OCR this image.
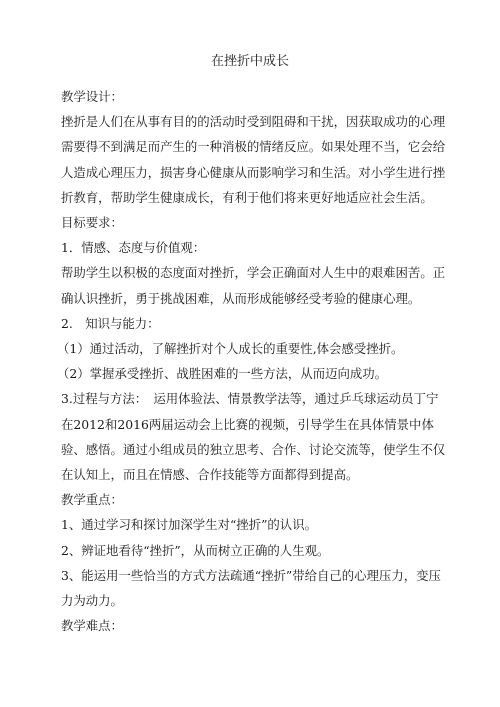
在挫折中成长

教学设计：

挫折是人们在从事有目的的活动时受到阻碍和干扰，因获取成功的心理需要得不到满足而产生的一种消极的情绪反应。如果处理不当，它会给人造成心理压力，损害身心健康从而影响学习和生活。对小学生进行挫折教育，帮助学生健康成长，有利于他们将来更好地适应社会生活。

目标要求：

1．情感、态度与价值观：

帮助学生以积极的态度面对挫折，学会正确面对人生中的艰难困苦。正确认识挫折，勇于挑战困难，从而形成能够经受考验的健康心理。

2.　知识与能力：

（1）通过活动，了解挫折对个人成长的重要性,体会感受挫折。

（2）掌握承受挫折、战胜困难的一些方法，从而迈向成功。

3.过程与方法：　运用体验法、情景教学法等，通过乒乓球运动员丁宁在2012和2016两届运动会上比赛的视频，引导学生在具体情景中体验、感悟。通过小组成员的独立思考、合作、讨论交流等，使学生不仅在认知上，而且在情感、合作技能等方面都得到提高。

教学重点：

1、通过学习和探讨加深学生对“挫折”的认识。

2、辨证地看待“挫折”，从而树立正确的人生观。

3、能运用一些恰当的方式方法疏通“挫折”带给自己的心理压力，变压力为动力。

教学难点：
